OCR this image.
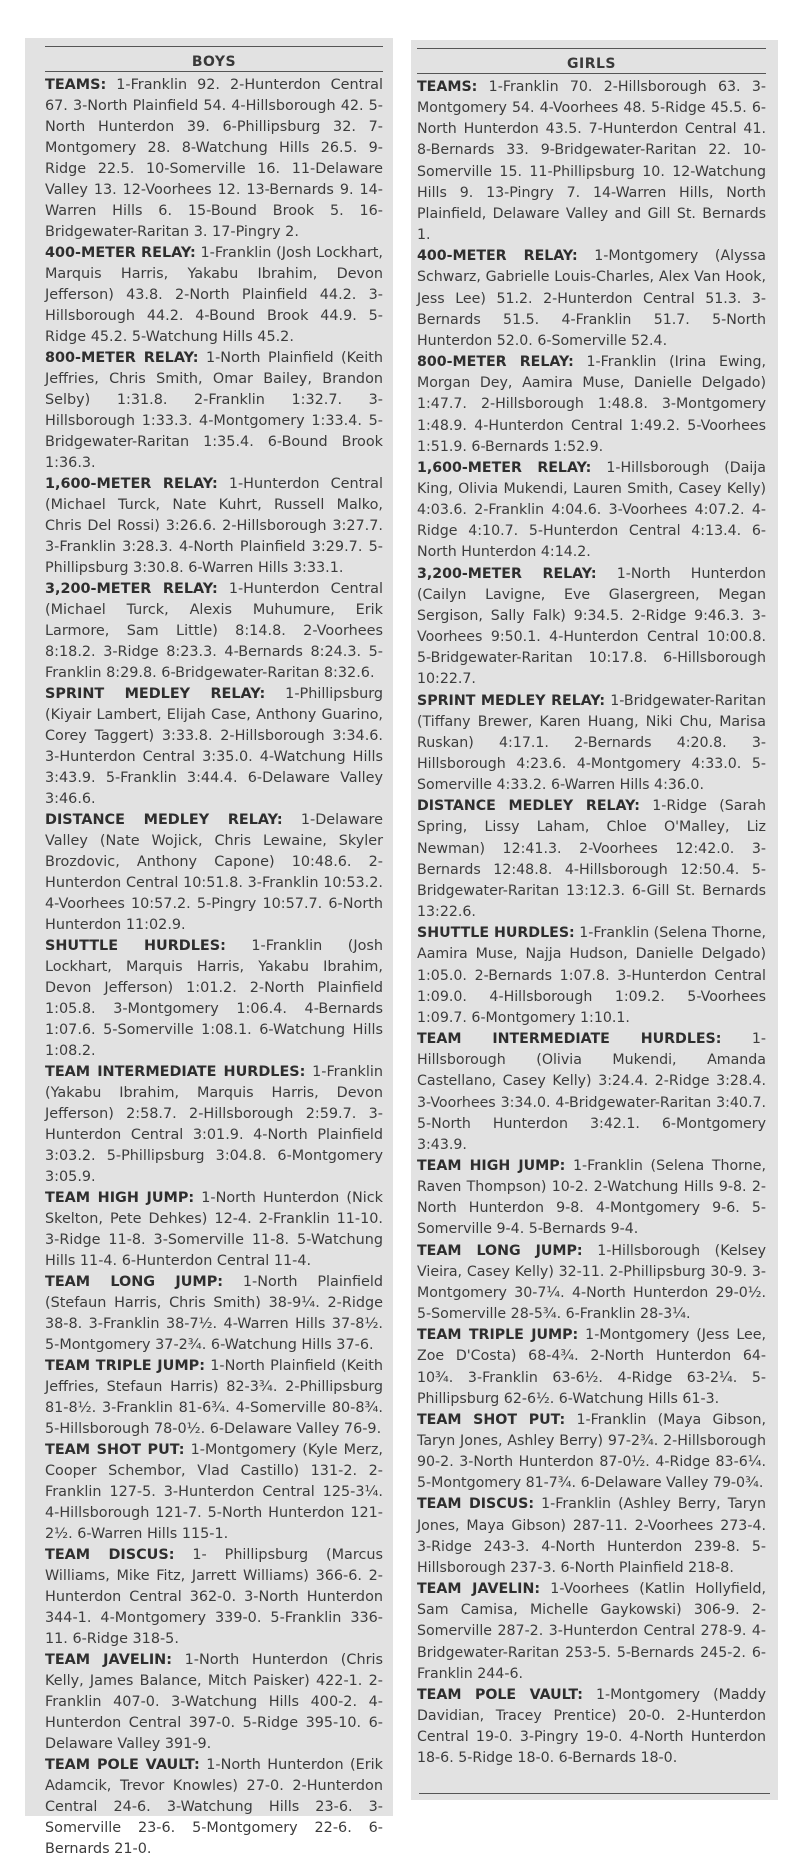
BOYS

TEAMS: 1-Franklin 92. 2-Hunterdon Central 67. 3-North Plainfield 54. 4-Hillsborough 42. 5-North Hunterdon 39. 6-Phillipsburg 32. 7-Montgomery 28. 8-Watchung Hills 26.5. 9-Ridge 22.5. 10-Somerville 16. 11-Delaware Valley 13. 12-Voorhees 12. 13-Bernards 9. 14-Warren Hills 6. 15-Bound Brook 5. 16-Bridgewater-Raritan 3. 17-Pingry 2.

400-METER RELAY: 1-Franklin (Josh Lockhart, Marquis Harris, Yakabu Ibrahim, Devon Jefferson) 43.8. 2-North Plainfield 44.2. 3-Hillsborough 44.2. 4-Bound Brook 44.9. 5-Ridge 45.2. 5-Watchung Hills 45.2.

800-METER RELAY: 1-North Plainfield (Keith Jeffries, Chris Smith, Omar Bailey, Brandon Selby) 1:31.8. 2-Franklin 1:32.7. 3-Hillsborough 1:33.3. 4-Montgomery 1:33.4. 5-Bridgewater-Raritan 1:35.4. 6-Bound Brook 1:36.3.

1,600-METER RELAY: 1-Hunterdon Central (Michael Turck, Nate Kuhrt, Russell Malko, Chris Del Rossi) 3:26.6. 2-Hillsborough 3:27.7. 3-Franklin 3:28.3. 4-North Plainfield 3:29.7. 5-Phillipsburg 3:30.8. 6-Warren Hills 3:33.1.

3,200-METER RELAY: 1-Hunterdon Central (Michael Turck, Alexis Muhumure, Erik Larmore, Sam Little) 8:14.8. 2-Voorhees 8:18.2. 3-Ridge 8:23.3. 4-Bernards 8:24.3. 5-Franklin 8:29.8. 6-Bridgewater-Raritan 8:32.6.

SPRINT MEDLEY RELAY: 1-Phillipsburg (Kiyair Lambert, Elijah Case, Anthony Guarino, Corey Taggert) 3:33.8. 2-Hillsborough 3:34.6. 3-Hunterdon Central 3:35.0. 4-Watchung Hills 3:43.9. 5-Franklin 3:44.4. 6-Delaware Valley 3:46.6.

DISTANCE MEDLEY RELAY: 1-Delaware Valley (Nate Wojick, Chris Lewaine, Skyler Brozdovic, Anthony Capone) 10:48.6. 2-Hunterdon Central 10:51.8. 3-Franklin 10:53.2. 4-Voorhees 10:57.2. 5-Pingry 10:57.7. 6-North Hunterdon 11:02.9.

SHUTTLE HURDLES: 1-Franklin (Josh Lockhart, Marquis Harris, Yakabu Ibrahim, Devon Jefferson) 1:01.2. 2-North Plainfield 1:05.8. 3-Montgomery 1:06.4. 4-Bernards 1:07.6. 5-Somerville 1:08.1. 6-Watchung Hills 1:08.2.

TEAM INTERMEDIATE HURDLES: 1-Franklin (Yakabu Ibrahim, Marquis Harris, Devon Jefferson) 2:58.7. 2-Hillsborough 2:59.7. 3-Hunterdon Central 3:01.9. 4-North Plainfield 3:03.2. 5-Phillipsburg 3:04.8. 6-Montgomery 3:05.9.

TEAM HIGH JUMP: 1-North Hunterdon (Nick Skelton, Pete Dehkes) 12-4. 2-Franklin 11-10. 3-Ridge 11-8. 3-Somerville 11-8. 5-Watchung Hills 11-4. 6-Hunterdon Central 11-4.

TEAM LONG JUMP: 1-North Plainfield (Stefaun Harris, Chris Smith) 38-9¼. 2-Ridge 38-8. 3-Franklin 38-7½. 4-Warren Hills 37-8½. 5-Montgomery 37-2¾. 6-Watchung Hills 37-6.

TEAM TRIPLE JUMP: 1-North Plainfield (Keith Jeffries, Stefaun Harris) 82-3¾. 2-Phillipsburg 81-8½. 3-Franklin 81-6¾. 4-Somerville 80-8¾. 5-Hillsborough 78-0½. 6-Delaware Valley 76-9.

TEAM SHOT PUT: 1-Montgomery (Kyle Merz, Cooper Schembor, Vlad Castillo) 131-2. 2-Franklin 127-5. 3-Hunterdon Central 125-3¼. 4-Hillsborough 121-7. 5-North Hunterdon 121-2½. 6-Warren Hills 115-1.

TEAM DISCUS: 1- Phillipsburg (Marcus Williams, Mike Fitz, Jarrett Williams) 366-6. 2-Hunterdon Central 362-0. 3-North Hunterdon 344-1. 4-Montgomery 339-0. 5-Franklin 336-11. 6-Ridge 318-5.

TEAM JAVELIN: 1-North Hunterdon (Chris Kelly, James Balance, Mitch Paisker) 422-1. 2-Franklin 407-0. 3-Watchung Hills 400-2. 4-Hunterdon Central 397-0. 5-Ridge 395-10. 6-Delaware Valley 391-9.

TEAM POLE VAULT: 1-North Hunterdon (Erik Adamcik, Trevor Knowles) 27-0. 2-Hunterdon Central 24-6. 3-Watchung Hills 23-6. 3-Somerville 23-6. 5-Montgomery 22-6. 6-Bernards 21-0.

GIRLS

TEAMS: 1-Franklin 70. 2-Hillsborough 63. 3-Montgomery 54. 4-Voorhees 48. 5-Ridge 45.5. 6- North Hunterdon 43.5. 7-Hunterdon Central 41. 8-Bernards 33. 9-Bridgewater-Raritan 22. 10-Somerville 15. 11-Phillipsburg 10. 12-Watchung Hills 9. 13-Pingry 7. 14-Warren Hills, North Plainfield, Delaware Valley and Gill St. Bernards 1.

400-METER RELAY: 1-Montgomery (Alyssa Schwarz, Gabrielle Louis-Charles, Alex Van Hook, Jess Lee) 51.2. 2-Hunterdon Central 51.3. 3-Bernards 51.5. 4-Franklin 51.7. 5-North Hunterdon 52.0. 6-Somerville 52.4.

800-METER RELAY: 1-Franklin (Irina Ewing, Morgan Dey, Aamira Muse, Danielle Delgado) 1:47.7. 2-Hillsborough 1:48.8. 3-Montgomery 1:48.9. 4-Hunterdon Central 1:49.2. 5-Voorhees 1:51.9. 6-Bernards 1:52.9.

1,600-METER RELAY: 1-Hillsborough (Daija King, Olivia Mukendi, Lauren Smith, Casey Kelly) 4:03.6. 2-Franklin 4:04.6. 3-Voorhees 4:07.2. 4-Ridge 4:10.7. 5-Hunterdon Central 4:13.4. 6-North Hunterdon 4:14.2.

3,200-METER RELAY: 1-North Hunterdon (Cailyn Lavigne, Eve Glasergreen, Megan Sergison, Sally Falk) 9:34.5. 2-Ridge 9:46.3. 3-Voorhees 9:50.1. 4-Hunterdon Central 10:00.8. 5-Bridgewater-Raritan 10:17.8. 6-Hillsborough 10:22.7.

SPRINT MEDLEY RELAY: 1-Bridgewater-Raritan (Tiffany Brewer, Karen Huang, Niki Chu, Marisa Ruskan) 4:17.1. 2-Bernards 4:20.8. 3-Hillsborough 4:23.6. 4-Montgomery 4:33.0. 5-Somerville 4:33.2. 6-Warren Hills 4:36.0.

DISTANCE MEDLEY RELAY: 1-Ridge (Sarah Spring, Lissy Laham, Chloe O'Malley, Liz Newman) 12:41.3. 2-Voorhees 12:42.0. 3-Bernards 12:48.8. 4-Hillsborough 12:50.4. 5-Bridgewater-Raritan 13:12.3. 6-Gill St. Bernards 13:22.6.

SHUTTLE HURDLES: 1-Franklin (Selena Thorne, Aamira Muse, Najja Hudson, Danielle Delgado) 1:05.0. 2-Bernards 1:07.8. 3-Hunterdon Central 1:09.0. 4-Hillsborough 1:09.2. 5-Voorhees 1:09.7. 6-Montgomery 1:10.1.

TEAM INTERMEDIATE HURDLES: 1-Hillsborough (Olivia Mukendi, Amanda Castellano, Casey Kelly) 3:24.4. 2-Ridge 3:28.4. 3-Voorhees 3:34.0. 4-Bridgewater-Raritan 3:40.7. 5-North Hunterdon 3:42.1. 6-Montgomery 3:43.9.

TEAM HIGH JUMP: 1-Franklin (Selena Thorne, Raven Thompson) 10-2. 2-Watchung Hills 9-8. 2-North Hunterdon 9-8. 4-Montgomery 9-6. 5-Somerville 9-4. 5-Bernards 9-4.

TEAM LONG JUMP: 1-Hillsborough (Kelsey Vieira, Casey Kelly) 32-11. 2-Phillipsburg 30-9. 3-Montgomery 30-7¼. 4-North Hunterdon 29-0½. 5-Somerville 28-5¾. 6-Franklin 28-3¼.

TEAM TRIPLE JUMP: 1-Montgomery (Jess Lee, Zoe D'Costa) 68-4¾. 2-North Hunterdon 64-10¾. 3-Franklin 63-6½. 4-Ridge 63-2¼. 5-Phillipsburg 62-6½. 6-Watchung Hills 61-3.

TEAM SHOT PUT: 1-Franklin (Maya Gibson, Taryn Jones, Ashley Berry) 97-2¾. 2-Hillsborough 90-2. 3-North Hunterdon 87-0½. 4-Ridge 83-6¼. 5-Montgomery 81-7¾. 6-Delaware Valley 79-0¾.

TEAM DISCUS: 1-Franklin (Ashley Berry, Taryn Jones, Maya Gibson) 287-11. 2-Voorhees 273-4. 3-Ridge 243-3. 4-North Hunterdon 239-8. 5-Hillsborough 237-3. 6-North Plainfield 218-8.

TEAM JAVELIN: 1-Voorhees (Katlin Hollyfield, Sam Camisa, Michelle Gaykowski) 306-9. 2-Somerville 287-2. 3-Hunterdon Central 278-9. 4-Bridgewater-Raritan 253-5. 5-Bernards 245-2. 6-Franklin 244-6.

TEAM POLE VAULT: 1-Montgomery (Maddy Davidian, Tracey Prentice) 20-0. 2-Hunterdon Central 19-0. 3-Pingry 19-0. 4-North Hunterdon 18-6. 5-Ridge 18-0. 6-Bernards 18-0.
